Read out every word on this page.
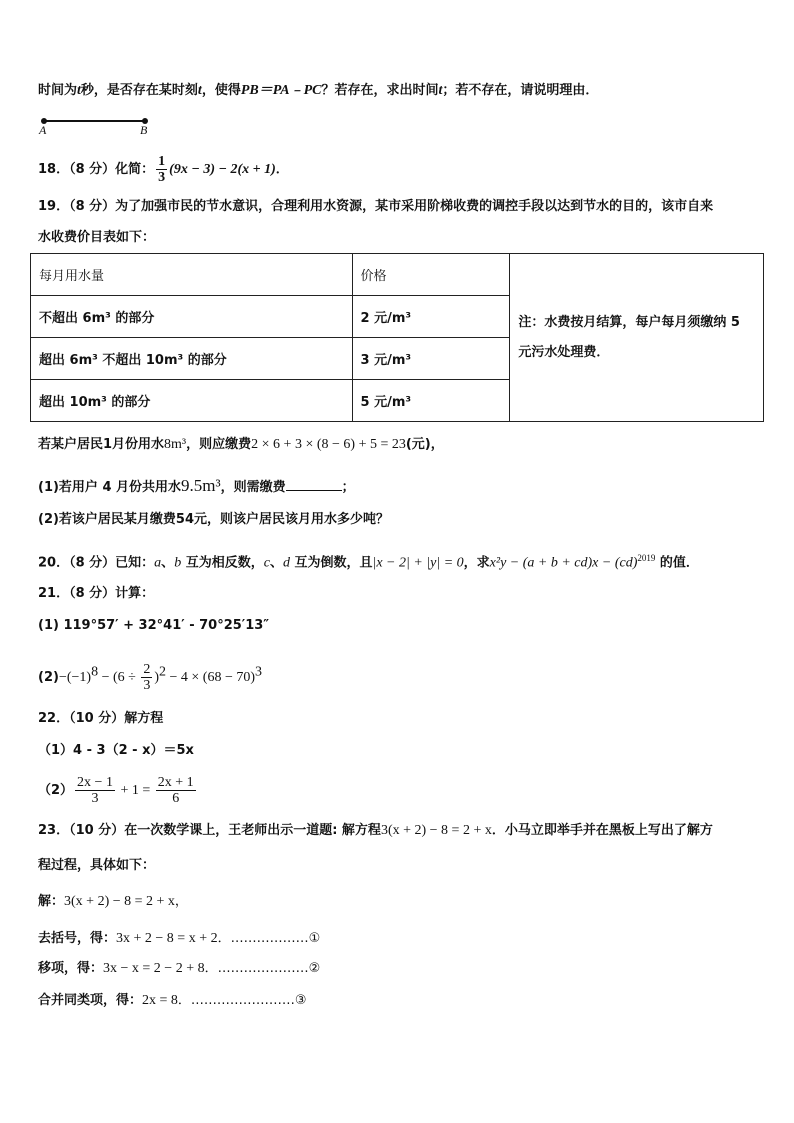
时间为t秒，是否存在某时刻t，使得PB＝PA﹣PC？若存在，求出时间t；若不存在，请说明理由．
A	B
18．（8 分）化简： $\frac{1}{3} (9x - 3) - 2(x + 1)$．
19．（8 分）为了加强市民的节水意识，合理利用水资源，某市采用阶梯收费的调控手段以达到节水的目的，该市自来
水收费价目表如下：
每月用水量	价格	注：水费按月结算，每户每月须缴纳 5
元污水处理费．
不超出 6m³ 的部分	2 元/m³	
超出 6m³ 不超出 10m³ 的部分	3 元/m³	
超出 10m³ 的部分	5 元/m³	
若某户居民1月份用水8m³，则应缴费2 × 6 + 3 × (8 − 6) + 5 = 23(元)，
(1)若用户 4 月份共用水9.5m³，则需缴费	；
(2)若该户居民某月缴费54元，则该户居民该月用水多少吨？
20．（8 分）已知：a、b 互为相反数，c、d 互为倒数，且|x − 2| + |y| = 0，求x²y − (a + b + cd)x − (cd)$^{2019}$ 的值．
21．（8 分）计算：
(1) 119°57′ + 32°41′ - 70°25′13″
$(2)-(-1)^8 - (6 \div \frac{2}{3} )^2 - 4 \times (68 - 70)^3$
22．（10 分）解方程
（1）4 - 3（2 - x）＝5x
$(2) \frac{2x - 1}{3} + 1 = \frac{2x + 1}{6}$
23．（10 分）在一次数学课上，王老师出示一道题: 解方程3(x + 2) − 8 = 2 + x．小马立即举手并在黑板上写出了解方
程过程，具体如下：
解：3(x + 2) − 8 = 2 + x，
去括号，得：3x + 2 − 8 = x + 2．………………①
移项，得：3x − x = 2 − 2 + 8．…………………②
合并同类项，得：2x = 8．……………………③
